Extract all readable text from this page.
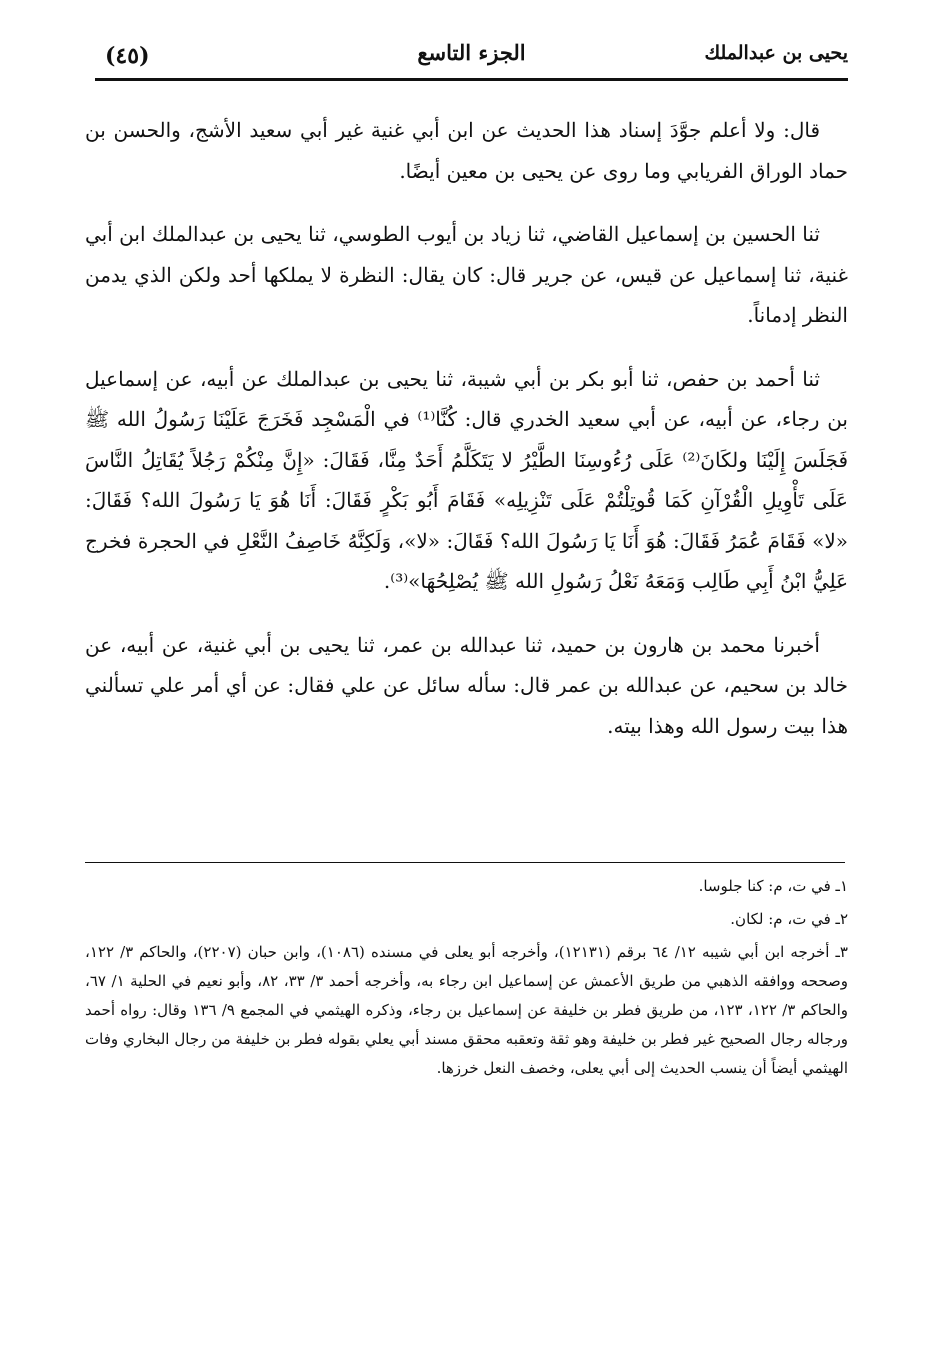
يحيى بن عبدالملك
الجزء التاسع
(٤٥)

قال: ولا أعلم جوَّدَ إسناد هذا الحديث عن ابن أبي غنية غير أبي سعيد الأشج، والحسن بن حماد الوراق الفريابي وما روى عن يحيى بن معين أيضًا.

ثنا الحسين بن إسماعيل القاضي، ثنا زياد بن أيوب الطوسي، ثنا يحيى بن عبدالملك ابن أبي غنية، ثنا إسماعيل عن قيس، عن جرير قال: كان يقال: النظرة لا يملكها أحد ولكن الذي يدمن النظر إدماناً.

ثنا أحمد بن حفص، ثنا أبو بكر بن أبي شيبة، ثنا يحيى بن عبدالملك عن أبيه، عن إسماعيل بن رجاء، عن أبيه، عن أبي سعيد الخدري قال: كُنَّا⁽¹⁾ في الْمَسْجِد فَخَرَجَ عَلَيْنَا رَسُولُ الله ﷺ فَجَلَسَ إِلَيْنَا ولكَانَ⁽²⁾ عَلَى رُءُوسِنَا الطَّيْرُ لا يَتَكَلَّمُ أَحَدٌ مِنَّا، فَقَالَ: «إِنَّ مِنْكُمْ رَجُلاً يُقَاتِلُ النَّاسَ عَلَى تَأْوِيلِ الْقُرْآنِ كَمَا قُوتِلْتُمْ عَلَى تَنْزِيلِه» فَقَامَ أَبُو بَكْرٍ فَقَالَ: أَنَا هُوَ يَا رَسُولَ الله؟ فَقَالَ: «لا» فَقَامَ عُمَرُ فَقَالَ: هُوَ أَنَا يَا رَسُولَ الله؟ فَقَالَ: «لا»، وَلَكِنَّهُ خَاصِفُ النَّعْلِ في الحجرة فخرج عَلِيُّ ابْنُ أَبِي طَالِب وَمَعَهُ نَعْلُ رَسُولِ الله ﷺ يُصْلِحُهَا»⁽³⁾.

أخبرنا محمد بن هارون بن حميد، ثنا عبدالله بن عمر، ثنا يحيى بن أبي غنية، عن أبيه، عن خالد بن سحيم، عن عبدالله بن عمر قال: سأله سائل عن علي فقال: عن أي أمر علي تسألني هذا بيت رسول الله وهذا بيته.

١ـ في ت، م: كنا جلوسا.
٢ـ في ت، م: لكان.
٣ـ أخرجه ابن أبي شيبه ١٢/ ٦٤ برقم (١٢١٣١)، وأخرجه أبو يعلى في مسنده (١٠٨٦)، وابن حبان (٢٢٠٧)، والحاكم ٣/ ١٢٢، وصححه ووافقه الذهبي من طريق الأعمش عن إسماعيل ابن رجاء به، وأخرجه أحمد ٣/ ٣٣، ٨٢، وأبو نعيم في الحلية ١/ ٦٧، والحاكم ٣/ ١٢٢، ١٢٣، من طريق فطر بن خليفة عن إسماعيل بن رجاء، وذكره الهيثمي في المجمع ٩/ ١٣٦ وقال: رواه أحمد ورجاله رجال الصحيح غير فطر بن خليفة وهو ثقة وتعقبه محقق مسند أبي يعلي بقوله فطر بن خليفة من رجال البخاري وفات الهيثمي أيضاً أن ينسب الحديث إلى أبي يعلى، وخصف النعل خرزها.
